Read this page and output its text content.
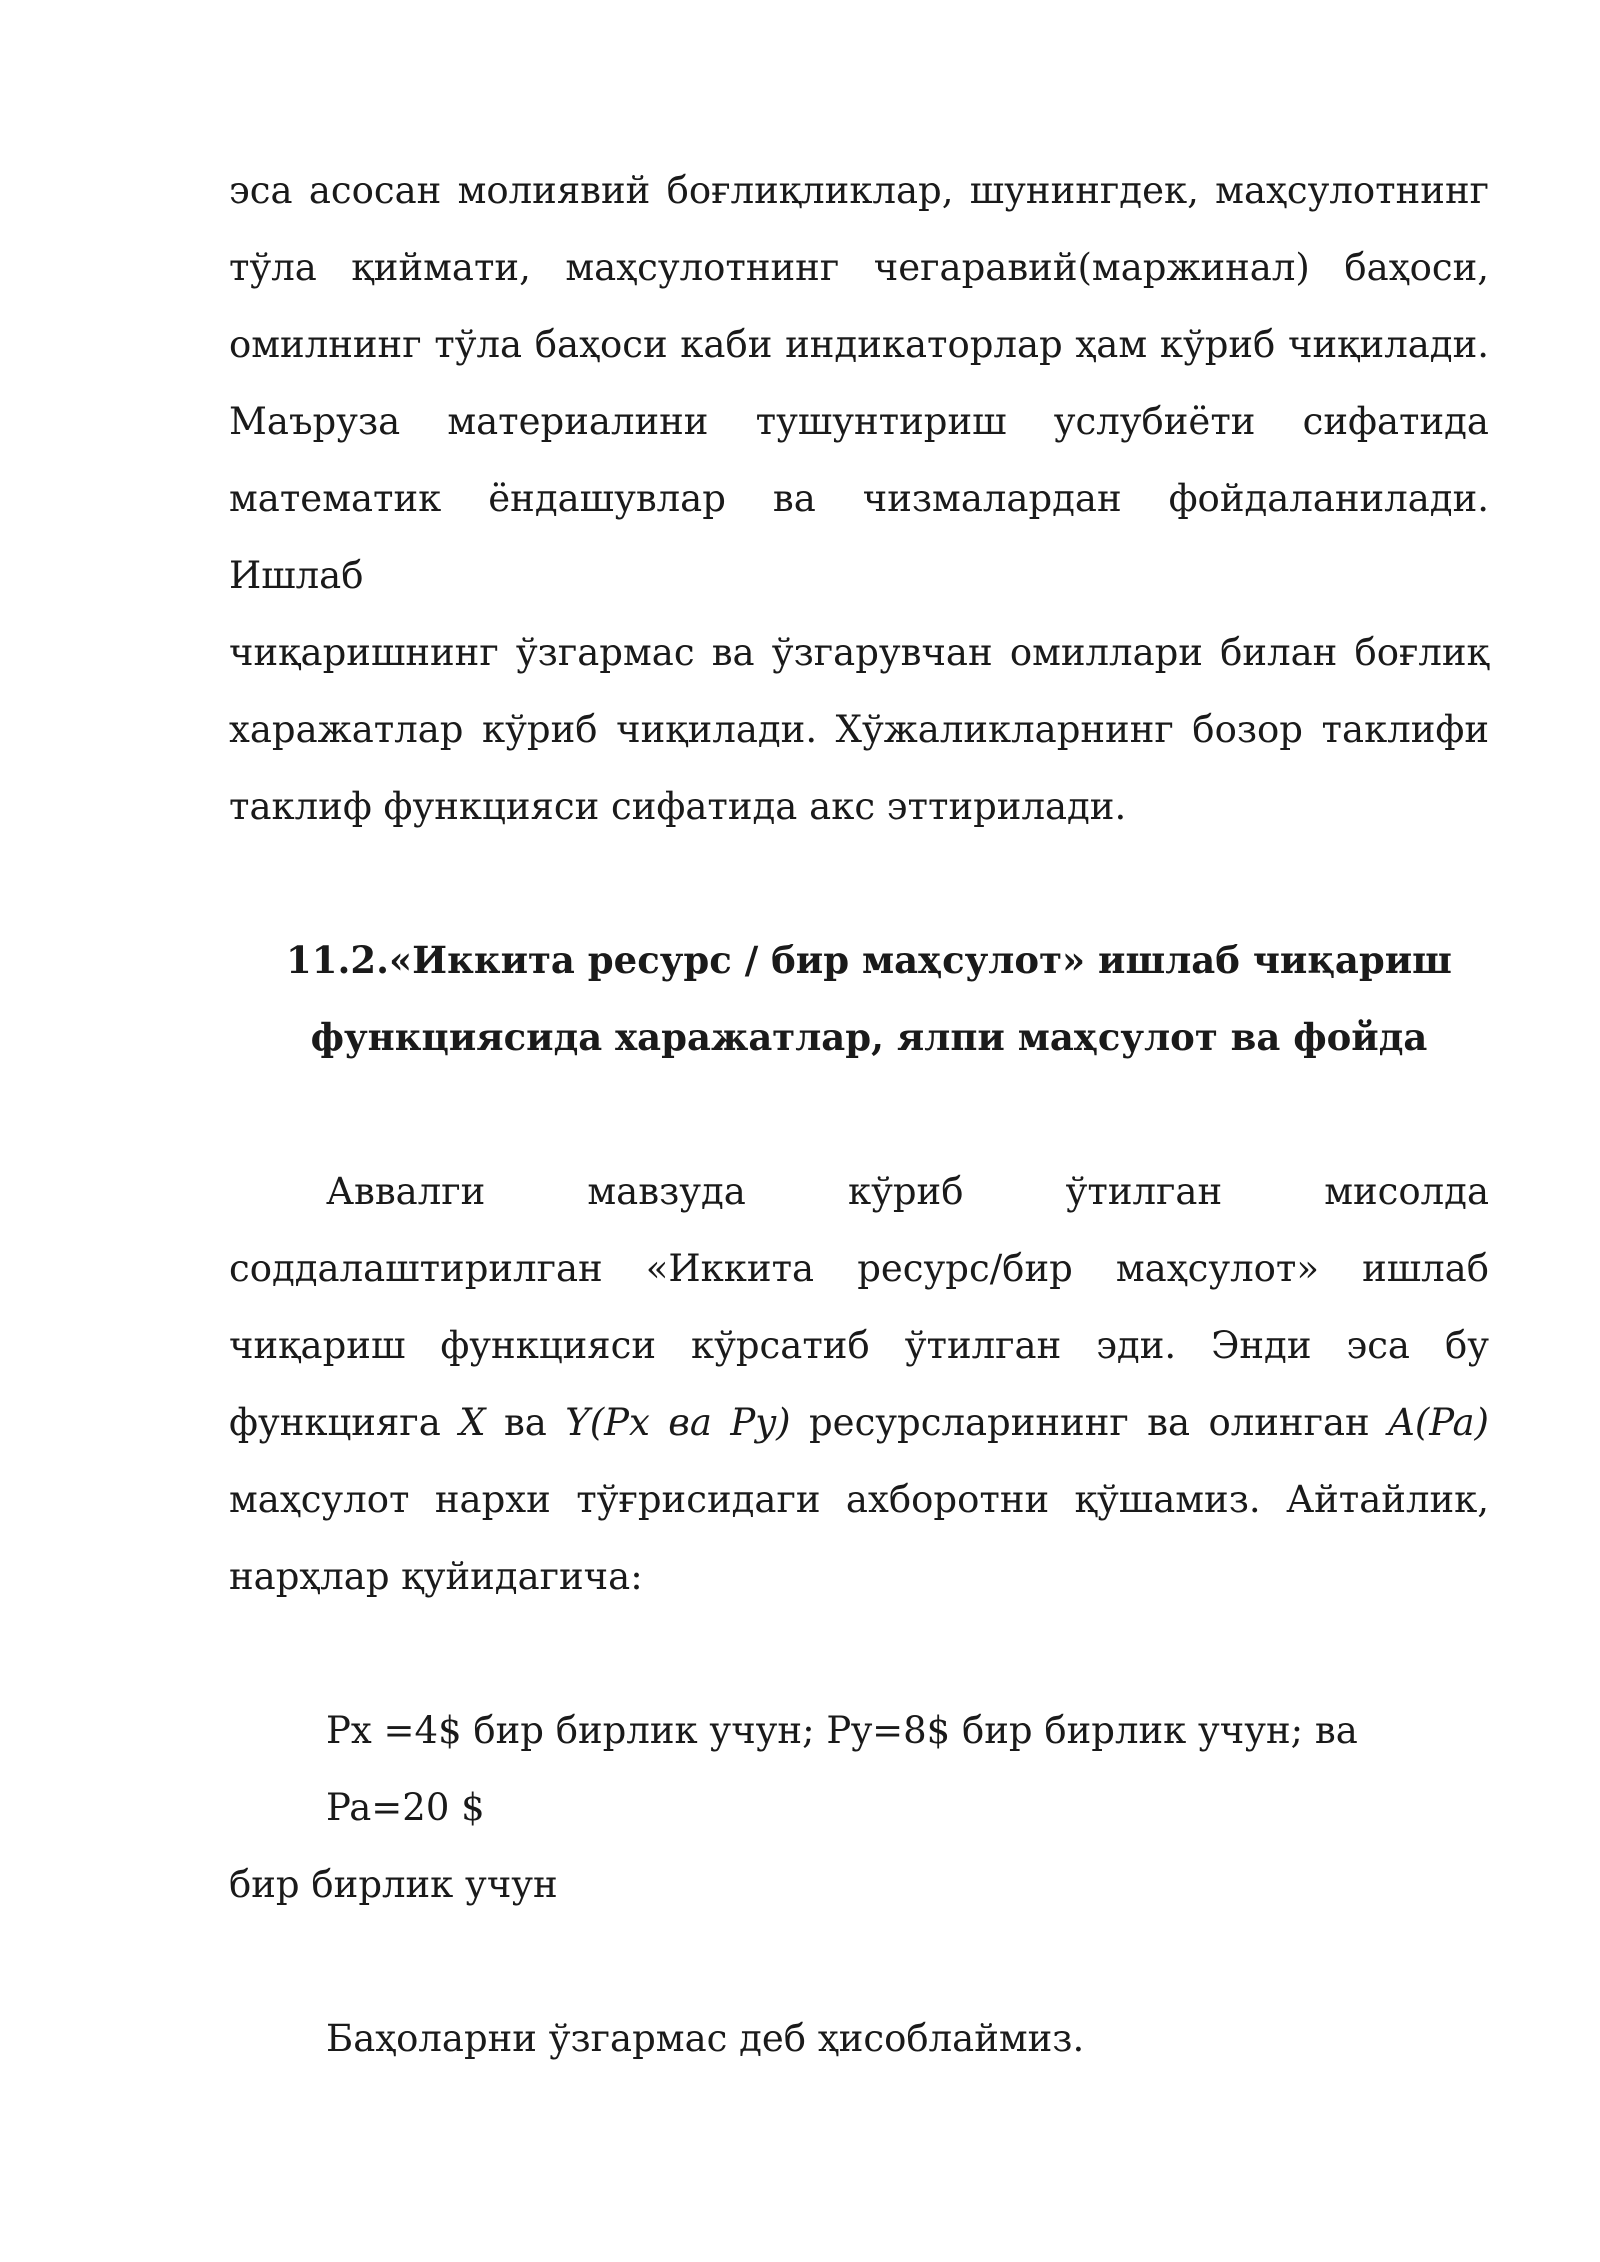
эса асосан молиявий боғлиқликлар, шунингдек, маҳсулотнинг
тўла қиймати, маҳсулотнинг чегаравий(маржинал) баҳоси,
омилнинг тўла баҳоси каби индикаторлар ҳам кўриб чиқилади.
Маъруза материалини тушунтириш услубиёти сифатида
математик ёндашувлар ва чизмалардан фойдаланилади. Ишлаб
чиқаришнинг ўзгармас ва ўзгарувчан омиллари билан боғлиқ
харажатлар кўриб чиқилади. Хўжаликларнинг бозор таклифи
таклиф функцияси сифатида акс эттирилади.

11.2.«Иккита ресурс / бир маҳсулот» ишлаб чиқариш
функциясида харажатлар, ялпи маҳсулот ва фойда

Аввалги мавзуда кўриб ўтилган мисолда
соддалаштирилган «Иккита ресурс/бир маҳсулот» ишлаб
чиқариш функцияси кўрсатиб ўтилган эди. Энди эса бу
функцияга X ва Y(Px ва Py) ресурсларининг ва олинган A(Pa)
маҳсулот нархи тўғрисидаги ахборотни қўшамиз. Айтайлик,
нарҳлар қуйидагича:

Px =4$ бир бирлик учун; Py=8$ бир бирлик учун; ва Pa=20 $
бир бирлик учун

Баҳоларни ўзгармас деб ҳисоблаймиз.
